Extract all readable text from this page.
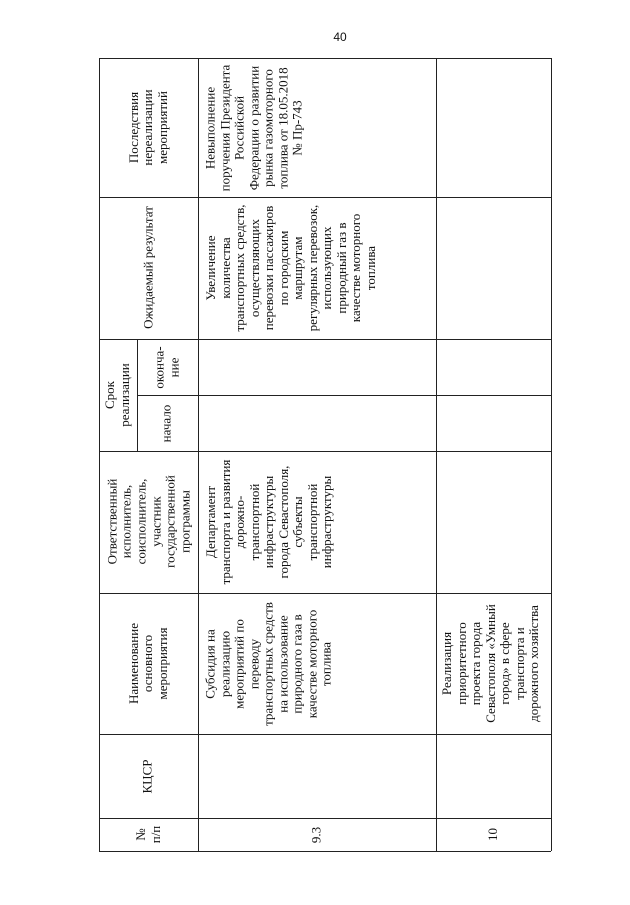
40
Последствия
нереализации
мероприятий
Ожидаемый результат
Срок
реализации	оконча-
ние
начало
Ответственный
исполнитель,
соисполнитель,
участник
государственной
программы
Наименование
основного
мероприятия
КЦСР
№
п/п
Невыполнение
поручения Президента
Российской
Федерации о развитии
рынка газомоторного
топлива от 18.05.2018
№ Пр-743
Увеличение
количества
транспортных средств,
осуществляющих
перевозки пассажиров
по городским
маршрутам
регулярных перевозок,
использующих
природный газ в
качестве моторного
топлива
Департамент
транспорта и развития
дорожно-
транспортной
инфраструктуры
города Севастополя,
субъекты
транспортной
инфраструктуры
Субсидия на
реализацию
мероприятий по
переводу
транспортных средств
на использование
природного газа в
качестве моторного
топлива
9.3
Реализация
приоритетного
проекта города
Севастополя «Умный
город» в сфере
транспорта и
дорожного хозяйства
10
